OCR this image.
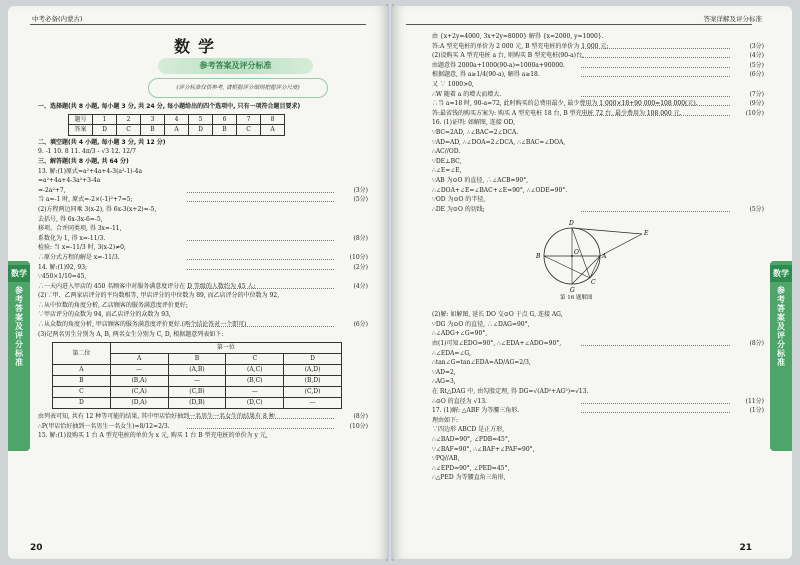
中考必备(内蒙古)
数学
参考答案及评分标准
(评分标准仅供参考, 请根据评分细则把握评分尺度)
数学
参考答案及评分标准
一、选择题(共 8 小题, 每小题 3 分, 共 24 分, 每小题给出的四个选项中, 只有一项符合题目要求)
题号	1	2	3	4	5	6	7	8
答案	D	C	B	A	D	B	C	A
二、填空题(共 4 小题, 每小题 3 分, 共 12 分)
9. -1 10. 8 11. 4π/3 - √3 12. 12/7
三、解答题(共 8 小题, 共 64 分)
13. 解:(1)原式=a²+4a+4-3(a²-1)-4a
=a²+4a+4-3a²+3-4a
=-2a²+7,	(3分)
当 a=-1 时, 原式=-2×(-1)²+7=5;	(5分)
(2)方程两边同乘 3(x-2), 得 6x-3(x+2)=-5,
去括号, 得 6x-3x-6=-5,
移项、合并同类项, 得 3x=-11,
系数化为 1, 得 x=-11/3.	(8分)
检验: 当 x=-11/3 时, 3(x-2)≠0,
∴原分式方程的解是 x=-11/3.	(10分)
14. 解:(1)92, 93;	(2分)
∵450×1/10=45,
∴一天内进入甲店的 450 名顾客中对服务满意度评分在 D 等级的人数约为 45 人;	(4分)
(2)∵甲、乙两家店评分的平均数相等, 甲店评分的中位数为 89, 而乙店评分的中位数为 92,
∴从中位数的角度分析, 乙店顾客的服务满意度评价更好;
∵甲店评分的众数为 94, 而乙店评分的众数为 93,
∴从众数的角度分析, 甲店顾客的服务满意度评价更好.(两个结论答对一个即可)	(6分)
(3)记两名男生分别为 A, B, 两名女生分别为 C, D, 根据题意列表如下:
第二位	第一位			
	A	B	C	D
A	—	(A,B)	(A,C)	(A,D)
B	(B,A)	—	(B,C)	(B,D)
C	(C,A)	(C,B)	—	(C,D)
D	(D,A)	(D,B)	(D,C)	—
由列表可知, 共有 12 种等可能的结果, 其中甲店恰好抽到一名男生一名女生的结果有 8 种,	(8分)
∴P(甲店恰好抽到一名男生一名女生)=8/12=2/3.	(10分)
15. 解:(1)设购买 1 台 A 型充电桩的单价为 x 元, 购买 1 台 B 型充电桩的单价为 y 元,
20
答案详解及评分标准
数学
参考答案及评分标准
由 {x+2y=4000, 3x+2y=8000} 解得 {x=2000, y=1000}.
答:A 型充电桩的单价为 2 000 元, B 型充电桩的单价为 1 000 元;	(3分)
(2)设购买 A 型充电桩 a 台, 则购买 B 型充电桩(90-a)台,	(4分)
由题意得 2000a+1000(90-a)=1000a+90000.	(5分)
根据题意, 得 a≥1/4(90-a), 解得 a≥18.	(6分)
又 ∵ 1000>0,
∴W 随着 a 的增大而增大.	(7分)
∴当 a=18 时, 90-a=72, 此时购买的总费用最少, 最少费用为 1 000×18+90 000=108 000(元).	(9分)
答:最省钱的购买方案为: 购买 A 型充电桩 18 台, B 型充电桩 72 台, 最少费用为 108 000 元.	(10分)
16. (1)证明: 如解图, 连接 OD,
∵BC=2AD, ∴∠BAC=2∠DCA.
∵AD=AD, ∴∠DOA=2∠DCA, ∴∠BAC=∠DOA,
∴AC//OD.
∵DE⊥BC,
∴∠E=∠E,
∵AB 为⊙O 的直径, ∴∠ACB=90°,
∴∠DOA+∠E=∠BAC+∠E=90°, ∴∠ODE=90°.
∵OD 为⊙O 的半径,
∴DE 为⊙O 的切线;	(5分)
D
E
B	A
O
C
G
第 16 题解图
(2)解: 如解图, 延长 DO 交⊙O 于点 G, 连接 AG,
∵DG 为⊙O 的直径, ∴∠DAG=90°,
∴∠ADG+∠G=90°,
由(1)可知∠EDO=90°, ∴∠EDA+∠ADO=90°,	(8分)
∴∠EDA=∠G,
∴tan∠G=tan∠EDA=AD/AG=2/3,
∵AD=2,
∴AG=3,
在 Rt△DAG 中, 由勾股定理, 得 DG=√(AD²+AG²)=√13.
∴⊙O 的直径为 √13.	(11分)
17. (1)解: △ABF 为等腰三角形.	(1分)
理由如下:
∵四边形 ABCD 是正方形,
∴∠BAD=90°, ∠PDB=45°,
∵∠BAF=90°, ∴∠BAF+∠PAF=90°,
∵PQ//AB,
∴∠EPD=90°, ∠PED=45°,
∴△PED 为等腰直角三角形,
21
